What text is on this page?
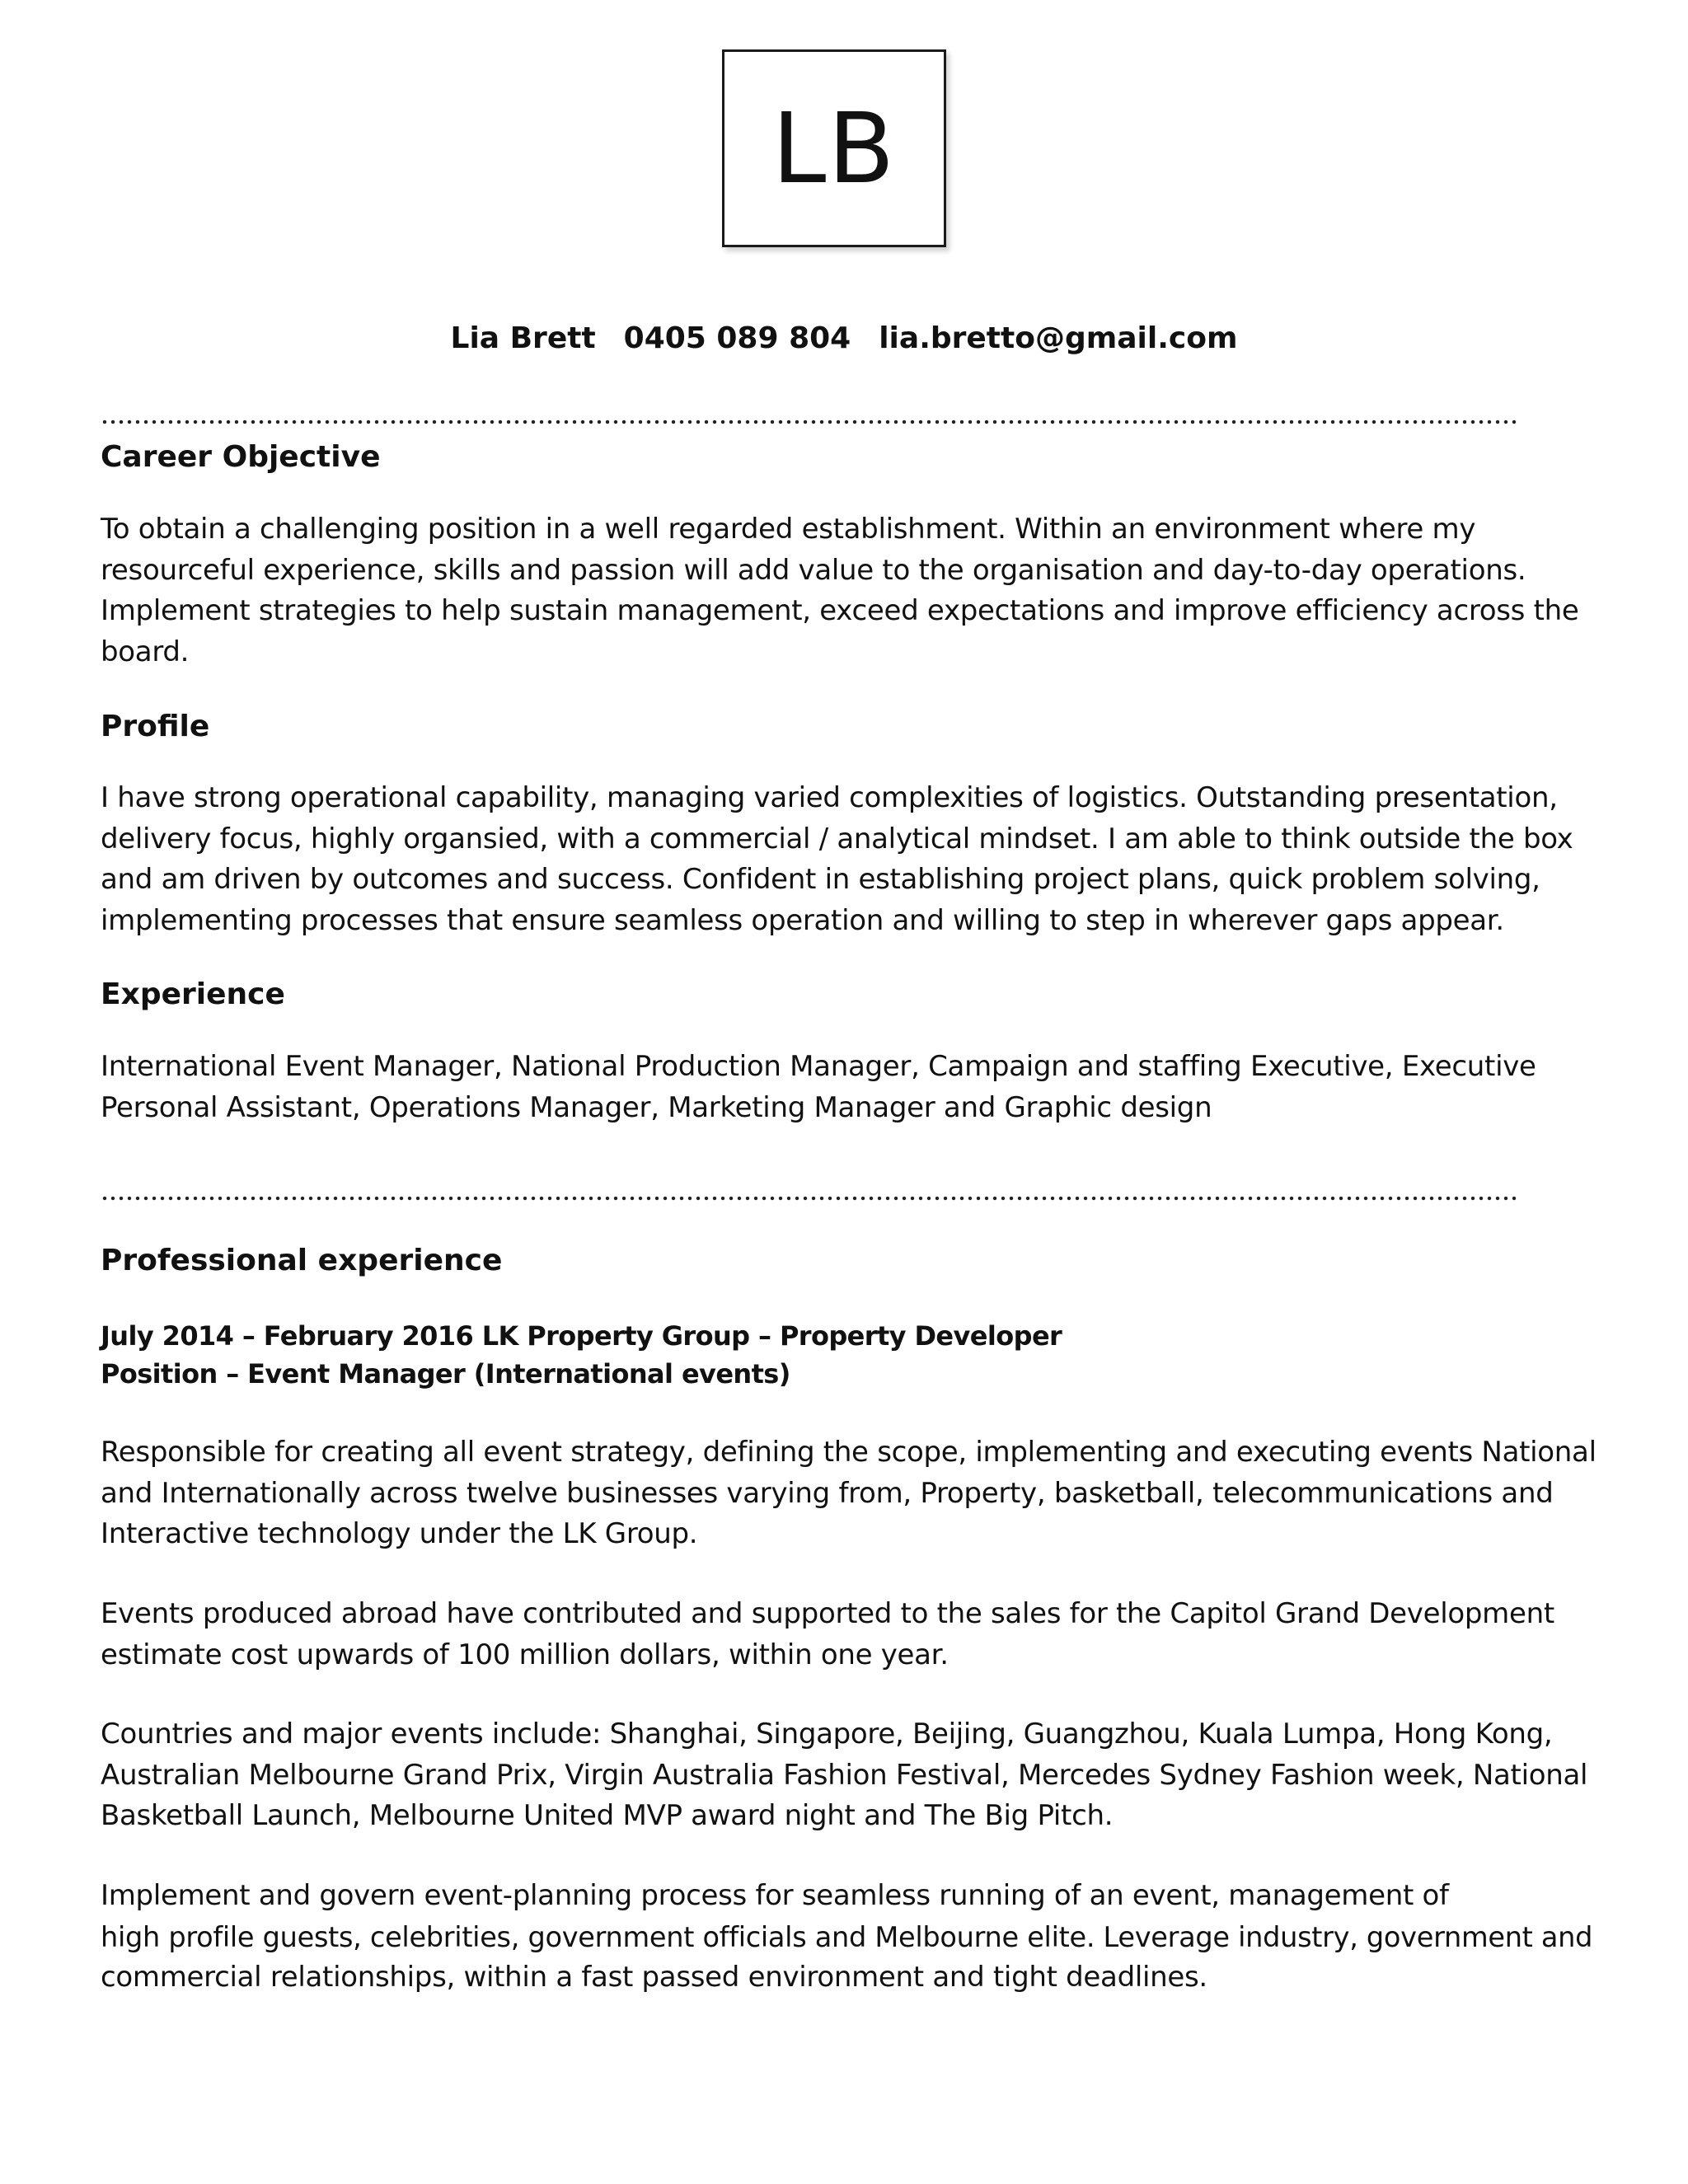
LB
Lia Brett 0405 089 804 lia.bretto@gmail.com
Career Objective

To obtain a challenging position in a well regarded establishment. Within an environment where my

resourceful experience, skills and passion will add value to the organisation and day-to-day operations.

Implement strategies to help sustain management, exceed expectations and improve efficiency across the

board.

Profile

I have strong operational capability, managing varied complexities of logistics. Outstanding presentation,

delivery focus, highly organsied, with a commercial / analytical mindset. I am able to think outside the box

and am driven by outcomes and success. Confident in establishing project plans, quick problem solving,

implementing processes that ensure seamless operation and willing to step in wherever gaps appear.

Experience

International Event Manager, National Production Manager, Campaign and staffing Executive, Executive

Personal Assistant, Operations Manager, Marketing Manager and Graphic design

Professional experience

July 2014 – February 2016 LK Property Group – Property Developer

Position – Event Manager (International events)

Responsible for creating all event strategy, defining the scope, implementing and executing events National

and Internationally across twelve businesses varying from, Property, basketball, telecommunications and

Interactive technology under the LK Group.

Events produced abroad have contributed and supported to the sales for the Capitol Grand Development

estimate cost upwards of 100 million dollars, within one year.

Countries and major events include: Shanghai, Singapore, Beijing, Guangzhou, Kuala Lumpa, Hong Kong,

Australian Melbourne Grand Prix, Virgin Australia Fashion Festival, Mercedes Sydney Fashion week, National

Basketball Launch, Melbourne United MVP award night and The Big Pitch.

Implement and govern event-planning process for seamless running of an event, management of

high profile guests, celebrities, government officials and Melbourne elite. Leverage industry, government and

commercial relationships, within a fast passed environment and tight deadlines.
